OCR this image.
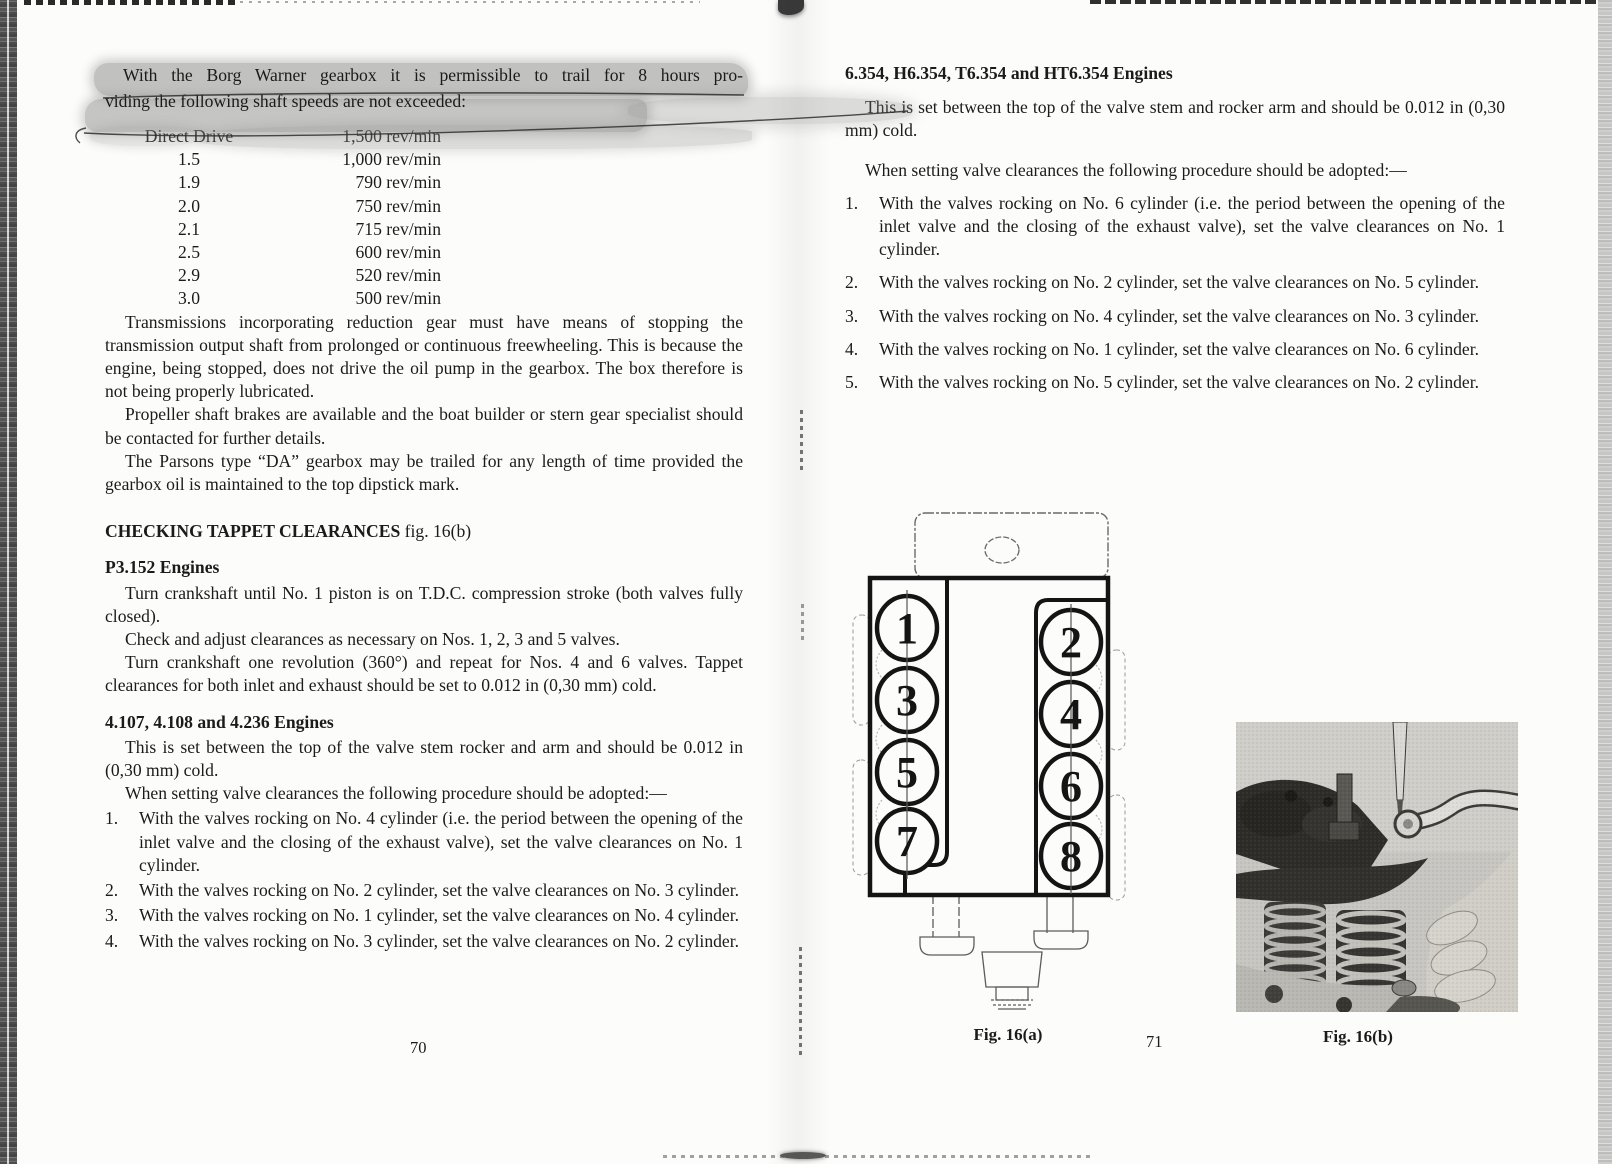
With the Borg Warner gearbox it is permissible to trail for 8 hours pro-
viding the following shaft speeds are not exceeded:
Direct Drive	1,500 rev/min
1.5	1,000 rev/min
1.9	790 rev/min
2.0	750 rev/min
2.1	715 rev/min
2.5	600 rev/min
2.9	520 rev/min
3.0	500 rev/min

Transmissions incorporating reduction gear must have means of stopping the transmission output shaft from prolonged or continuous freewheeling. This is because the engine, being stopped, does not drive the oil pump in the gearbox. The box therefore is not being properly lubricated.

Propeller shaft brakes are available and the boat builder or stern gear specialist should be contacted for further details.

The Parsons type “DA” gearbox may be trailed for any length of time provided the gearbox oil is maintained to the top dipstick mark.

CHECKING TAPPET CLEARANCES fig. 16(b)
P3.152 Engines

Turn crankshaft until No. 1 piston is on T.D.C. compression stroke (both valves fully closed).

Check and adjust clearances as necessary on Nos. 1, 2, 3 and 5 valves.

Turn crankshaft one revolution (360°) and repeat for Nos. 4 and 6 valves. Tappet clearances for both inlet and exhaust should be set to 0.012 in (0,30 mm) cold.

4.107, 4.108 and 4.236 Engines

This is set between the top of the valve stem rocker and arm and should be 0.012 in (0,30 mm) cold.

When setting valve clearances the following procedure should be adopted:—

1.	With the valves rocking on No. 4 cylinder (i.e. the period between the opening of the inlet valve and the closing of the exhaust valve), set the valve clearances on No. 1 cylinder.
2.	With the valves rocking on No. 2 cylinder, set the valve clearances on No. 3 cylinder.
3.	With the valves rocking on No. 1 cylinder, set the valve clearances on No. 4 cylinder.
4.	With the valves rocking on No. 3 cylinder, set the valve clearances on No. 2 cylinder.
6.354, H6.354, T6.354 and HT6.354 Engines

This is set between the top of the valve stem and rocker arm and should be 0.012 in (0,30 mm) cold.

When setting valve clearances the following procedure should be adopted:—

1.	With the valves rocking on No. 6 cylinder (i.e. the period between the opening of the inlet valve and the closing of the exhaust valve), set the valve clearances on No. 1 cylinder.
2.	With the valves rocking on No. 2 cylinder, set the valve clearances on No. 5 cylinder.
3.	With the valves rocking on No. 4 cylinder, set the valve clearances on No. 3 cylinder.
4.	With the valves rocking on No. 1 cylinder, set the valve clearances on No. 6 cylinder.
5.	With the valves rocking on No. 5 cylinder, set the valve clearances on No. 2 cylinder.
1
3
5
7
2
4
6
8
Fig. 16(a)	Fig. 16(b)
70	71
